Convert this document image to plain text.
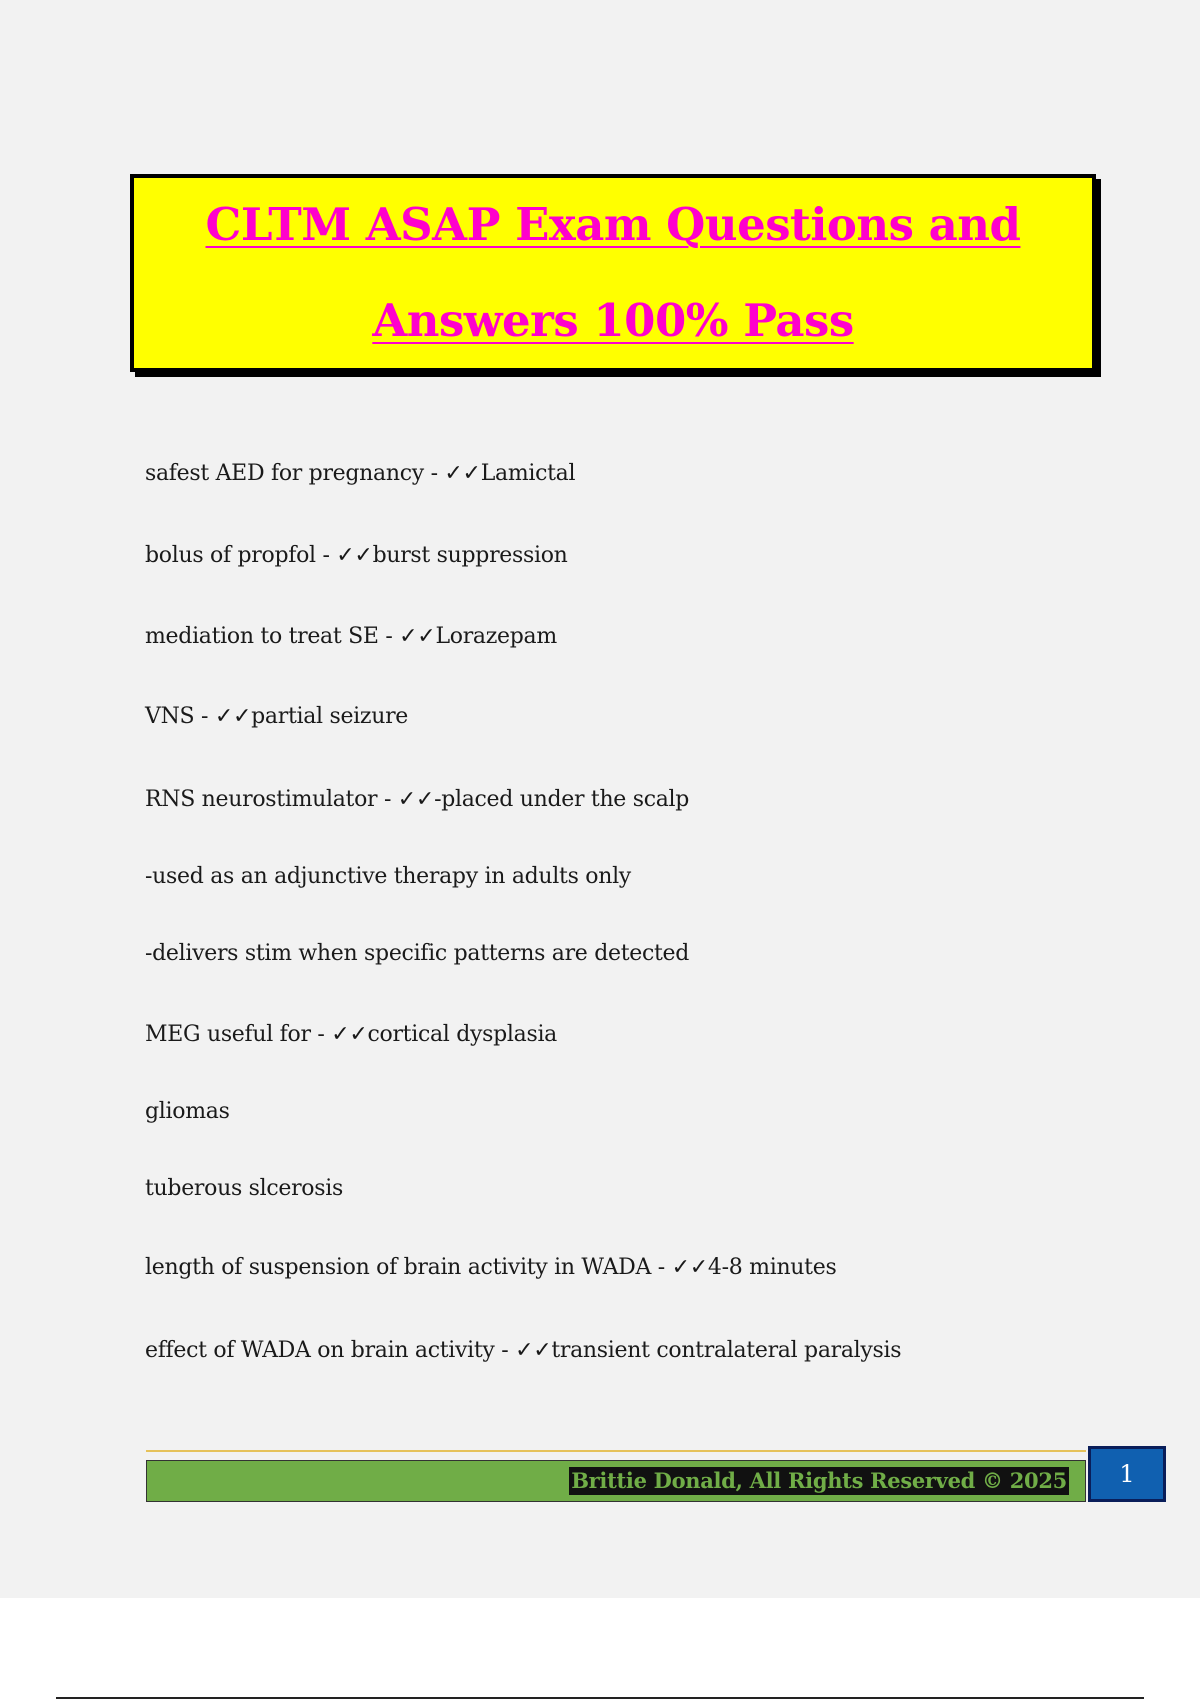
CLTM ASAP Exam Questions and
Answers 100% Pass
safest AED for pregnancy - ✓✓Lamictal
bolus of propfol - ✓✓burst suppression
mediation to treat SE - ✓✓Lorazepam
VNS - ✓✓partial seizure
RNS neurostimulator - ✓✓-placed under the scalp
-used as an adjunctive therapy in adults only
-delivers stim when specific patterns are detected
MEG useful for - ✓✓cortical dysplasia
gliomas
tuberous slcerosis
length of suspension of brain activity in WADA - ✓✓4-8 minutes
effect of WADA on brain activity - ✓✓transient contralateral paralysis
Brittie Donald, All Rights Reserved © 2025 1
